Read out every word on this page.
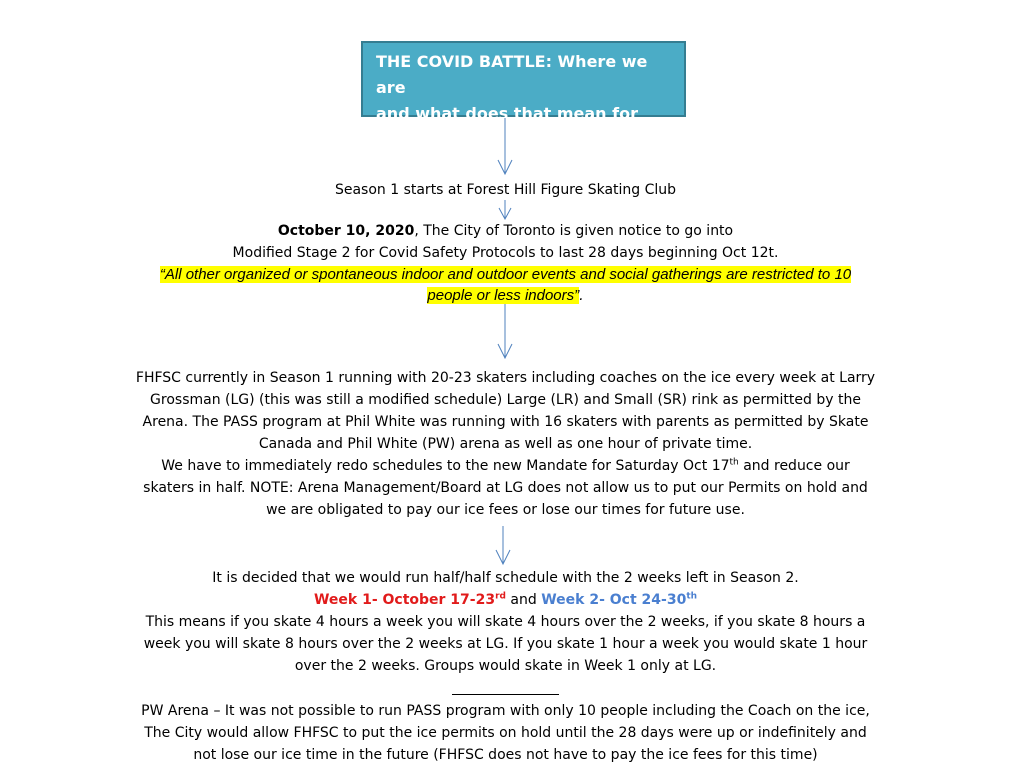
THE COVID BATTLE: Where we are
and what does that mean for FHFSC
Season 1 starts at Forest Hill Figure Skating Club
October 10, 2020, The City of Toronto is given notice to go into
Modified Stage 2 for Covid Safety Protocols to last 28 days beginning Oct 12t.
“All other organized or spontaneous indoor and outdoor events and social gatherings are restricted to 10
people or less indoors”.
FHFSC currently in Season 1 running with 20-23 skaters including coaches on the ice every week at Larry
Grossman (LG) (this was still a modified schedule) Large (LR) and Small (SR) rink as permitted by the
Arena. The PASS program at Phil White was running with 16 skaters with parents as permitted by Skate
Canada and Phil White (PW) arena as well as one hour of private time.
We have to immediately redo schedules to the new Mandate for Saturday Oct 17th and reduce our
skaters in half. NOTE: Arena Management/Board at LG does not allow us to put our Permits on hold and
we are obligated to pay our ice fees or lose our times for future use.
It is decided that we would run half/half schedule with the 2 weeks left in Season 2.
Week 1- October 17-23rd and Week 2- Oct 24-30th
This means if you skate 4 hours a week you will skate 4 hours over the 2 weeks, if you skate 8 hours a
week you will skate 8 hours over the 2 weeks at LG. If you skate 1 hour a week you would skate 1 hour
over the 2 weeks. Groups would skate in Week 1 only at LG.
PW Arena – It was not possible to run PASS program with only 10 people including the Coach on the ice,
The City would allow FHFSC to put the ice permits on hold until the 28 days were up or indefinitely and
not lose our ice time in the future (FHFSC does not have to pay the ice fees for this time)
